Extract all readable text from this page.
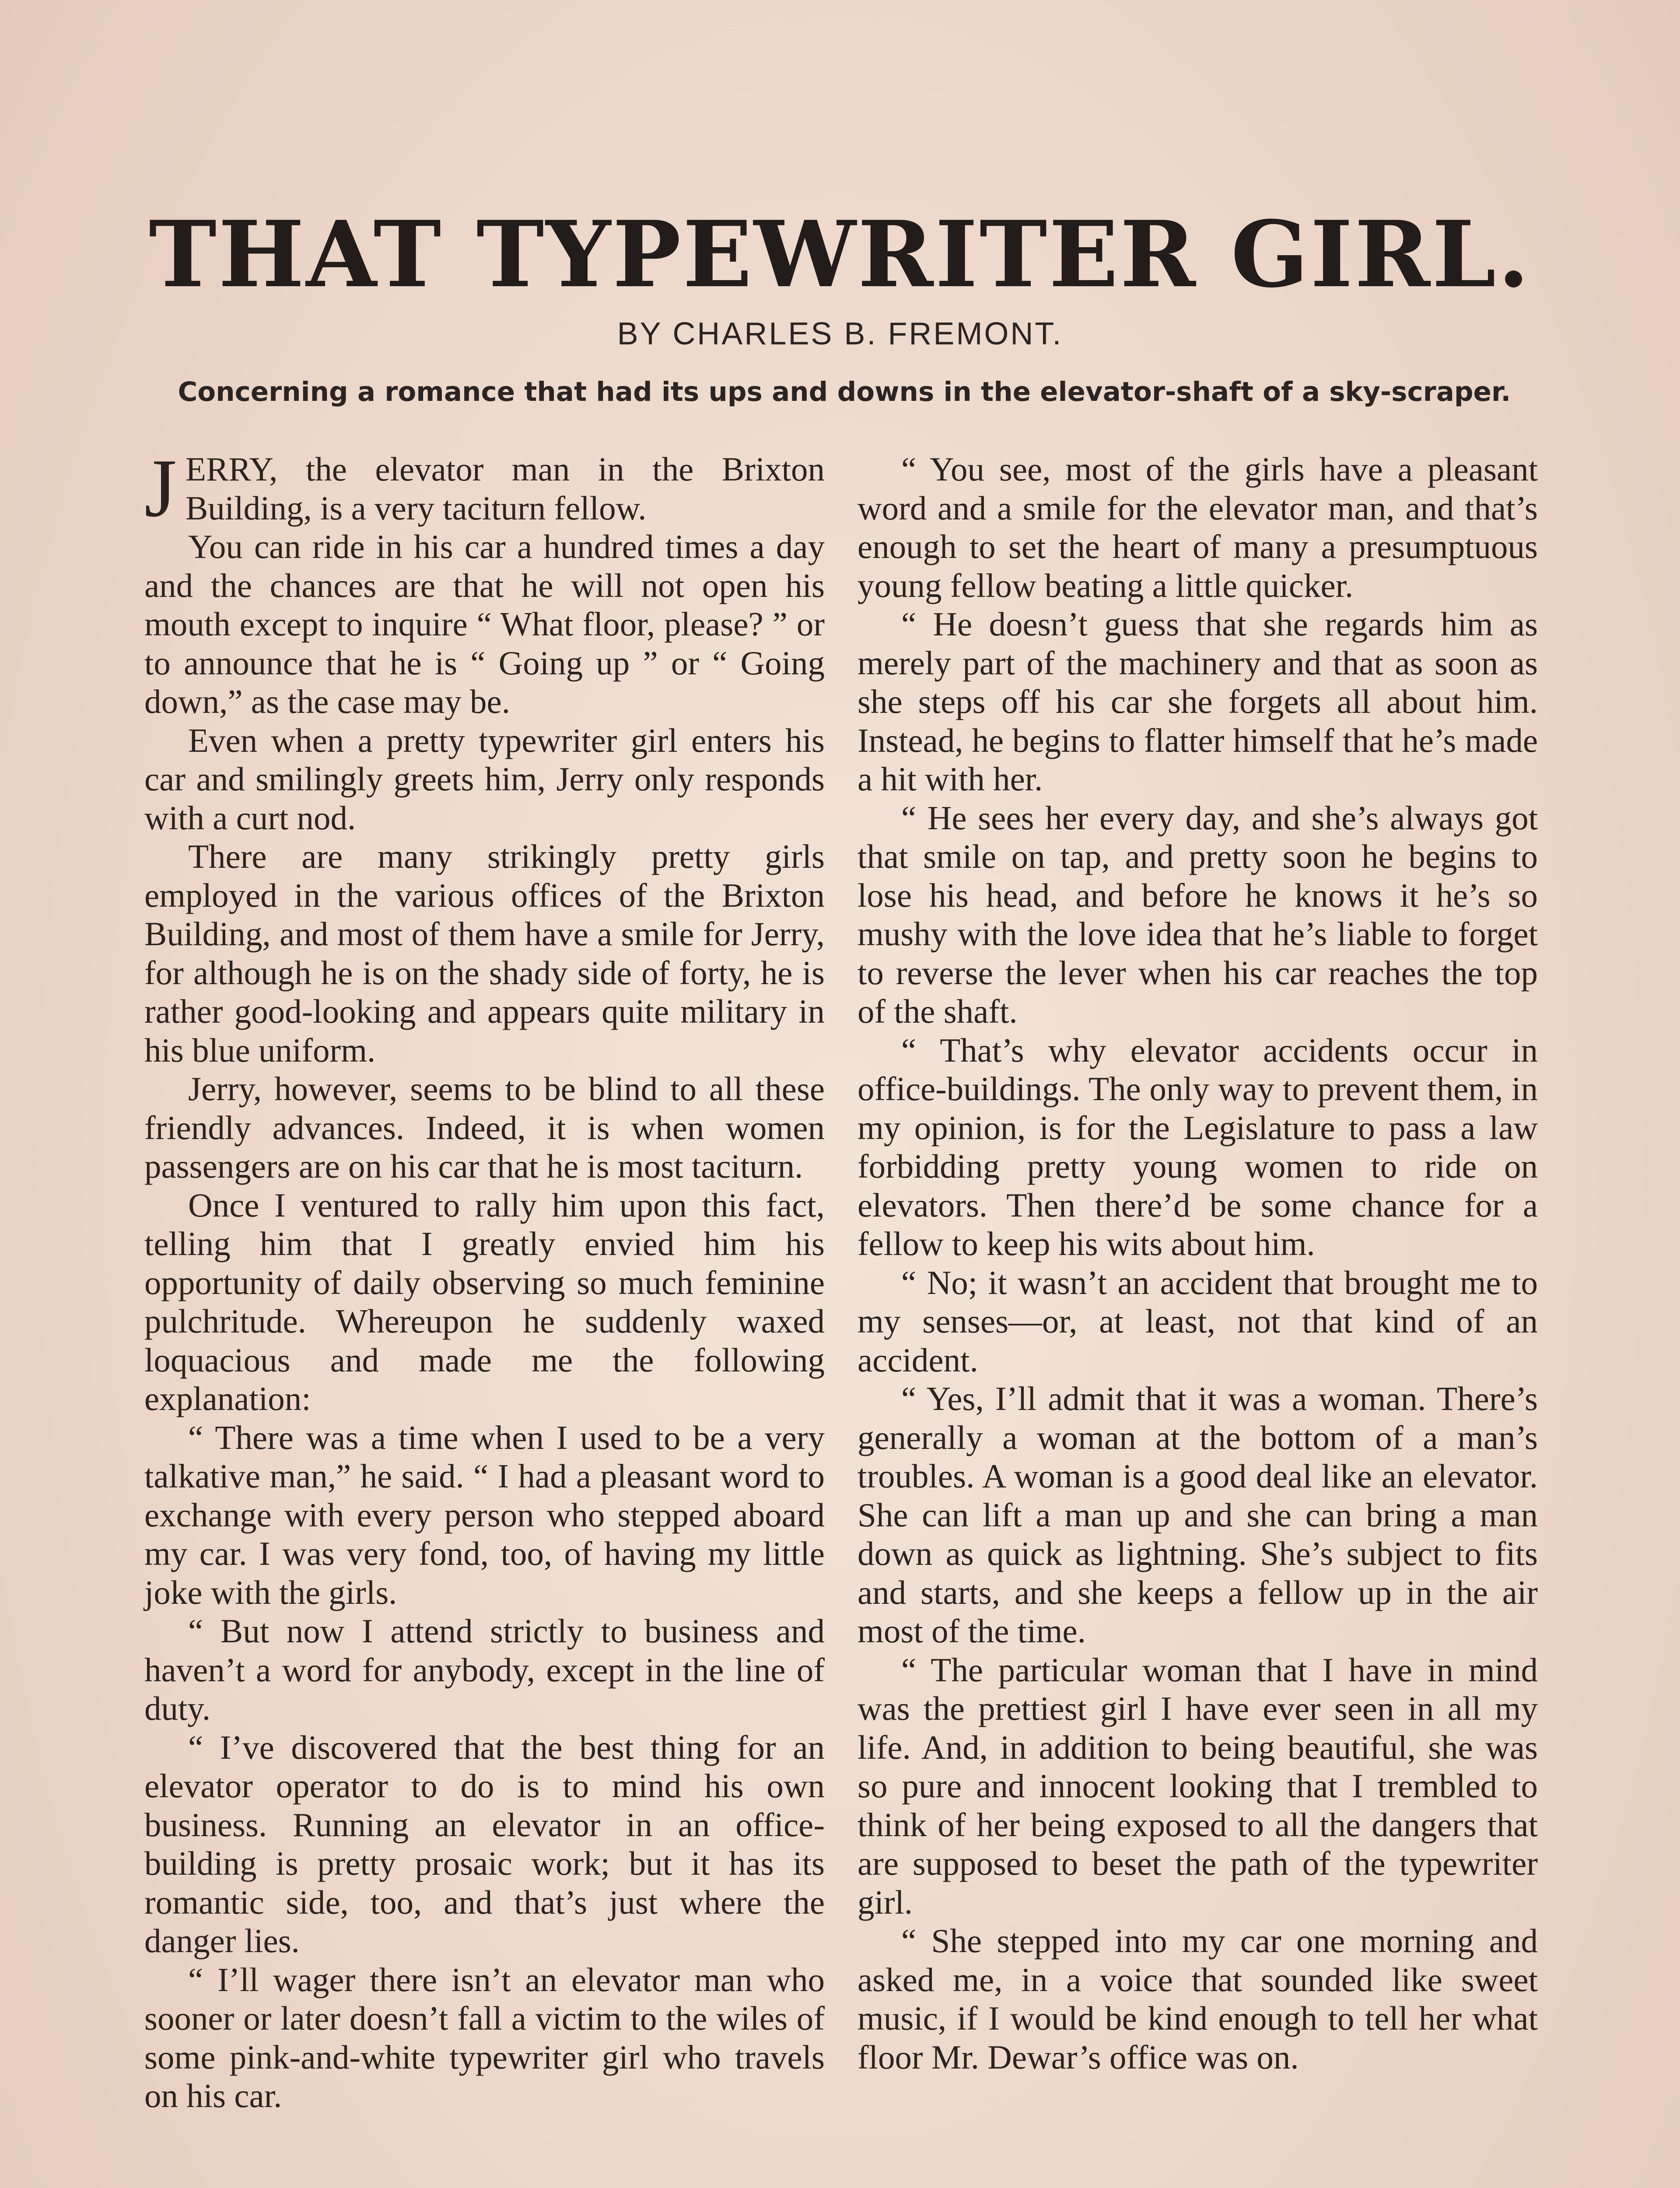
THAT TYPEWRITER GIRL.
BY CHARLES B. FREMONT.
Concerning a romance that had its ups and downs in the elevator-shaft of a sky-scraper.

JERRY, the elevator man in the Brixton Building, is a very taciturn fellow.

You can ride in his car a hundred times a day and the chances are that he will not open his mouth except to inquire “ What floor, please? ” or to announce that he is “ Going up ” or “ Going down,” as the case may be.

Even when a pretty typewriter girl enters his car and smilingly greets him, Jerry only responds with a curt nod.

There are many strikingly pretty girls employed in the various offices of the Brixton Building, and most of them have a smile for Jerry, for although he is on the shady side of forty, he is rather good-looking and appears quite military in his blue uniform.

Jerry, however, seems to be blind to all these friendly advances. Indeed, it is when women passengers are on his car that he is most taciturn.

Once I ventured to rally him upon this fact, telling him that I greatly envied him his opportunity of daily observing so much feminine pulchritude. Whereupon he suddenly waxed loquacious and made me the following explanation:

“ There was a time when I used to be a very talkative man,” he said. “ I had a pleasant word to exchange with every person who stepped aboard my car. I was very fond, too, of having my little joke with the girls.

“ But now I attend strictly to business and haven’t a word for anybody, except in the line of duty.

“ I’ve discovered that the best thing for an elevator operator to do is to mind his own business. Running an elevator in an office-building is pretty prosaic work; but it has its romantic side, too, and that’s just where the danger lies.

“ I’ll wager there isn’t an elevator man who sooner or later doesn’t fall a victim to the wiles of some pink-and-white typewriter girl who travels on his car.

“ You see, most of the girls have a pleasant word and a smile for the elevator man, and that’s enough to set the heart of many a presumptuous young fellow beating a little quicker.

“ He doesn’t guess that she regards him as merely part of the machinery and that as soon as she steps off his car she forgets all about him. Instead, he begins to flatter himself that he’s made a hit with her.

“ He sees her every day, and she’s always got that smile on tap, and pretty soon he begins to lose his head, and before he knows it he’s so mushy with the love idea that he’s liable to forget to reverse the lever when his car reaches the top of the shaft.

“ That’s why elevator accidents occur in office-buildings. The only way to prevent them, in my opinion, is for the Legislature to pass a law forbidding pretty young women to ride on elevators. Then there’d be some chance for a fellow to keep his wits about him.

“ No; it wasn’t an accident that brought me to my senses—or, at least, not that kind of an accident.

“ Yes, I’ll admit that it was a woman. There’s generally a woman at the bottom of a man’s troubles. A woman is a good deal like an elevator. She can lift a man up and she can bring a man down as quick as lightning. She’s subject to fits and starts, and she keeps a fellow up in the air most of the time.

“ The particular woman that I have in mind was the prettiest girl I have ever seen in all my life. And, in addition to being beautiful, she was so pure and innocent looking that I trembled to think of her being exposed to all the dangers that are supposed to beset the path of the typewriter girl.

“ She stepped into my car one morning and asked me, in a voice that sounded like sweet music, if I would be kind enough to tell her what floor Mr. Dewar’s office was on.
